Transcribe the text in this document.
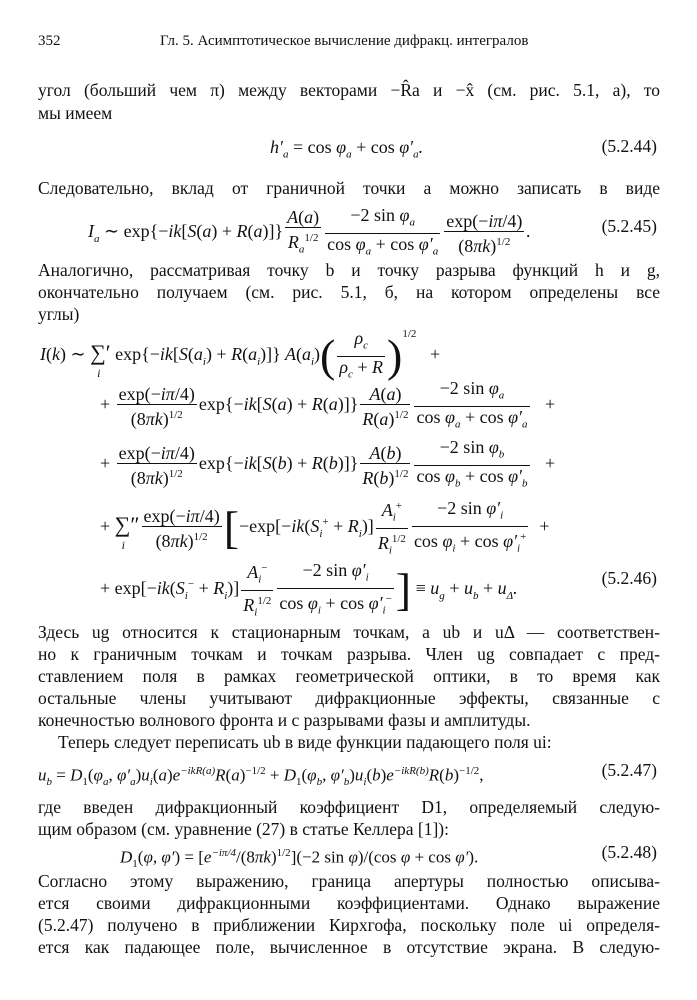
352	Гл. 5. Асимптотическое вычисление дифракц. интегралов
угол (больший чем π) между векторами −R̂a и −x̂ (см. рис. 5.1, a), то
мы имеем
$h'_a = \cos \varphi_a + \cos \varphi'_a$.	(5.2.44)
Следовательно, вклад от граничной точки a можно записать в виде
$I_a$ ∼ $\exp\{-ik[S(a) + R(a)]\} \frac{A(a)}{R_a^{1/2}} \frac{-2 \sin \varphi_a}{\cos \varphi_a + \cos \varphi'_a} \frac{\exp(-i\pi/4)}{(8\pi k)^{1/2}}$ .	(5.2.45)
Аналогично, рассматривая точку b и точку разрыва функций h и g,
окончательно получаем (см. рис. 5.1, б, на котором определены все
углы)
I(k) ∼ ∑′
i
$\exp\{-ik[S(a_i) + R(a_i)]\}$ $A(a_i)( \frac{\rho_c}{\rho_c + R} )^{1/2}$   +
+ $\frac{\exp(-i\pi/4)}{(8\pi k)^{1/2}} \exp\{-ik[S(a) + R(a)]\} \frac{A(a)}{R(a)^{1/2}} \frac{-2 \sin \varphi_a}{\cos \varphi_a + \cos \varphi'_a}$ +
+ $\frac{\exp(-i\pi/4)}{(8\pi k)^{1/2}} \exp\{-ik[S(b) + R(b)]\} \frac{A(b)}{R(b)^{1/2}} \frac{-2 \sin \varphi_b}{\cos \varphi_b + \cos \varphi'_b}$ +
+ ∑″
i $\frac{\exp(-i\pi/4)}{(8\pi k)^{1/2}} [-\exp[-ik(S_i^+ + R_i)] \frac{A_i^+}{R_i^{1/2}} \frac{-2 \sin \varphi'_i}{\cos \varphi_i + \cos \varphi'_i^+}$ +
+ $\exp[-ik(S_i^- + R_i)] \frac{A_i^-}{R_i^{1/2}} \frac{-2 \sin \varphi'_i}{\cos \varphi_i + \cos \varphi'_i^-}$ ] ≡ $u_g + u_b + u_\Delta$.
(5.2.46)
Здесь ug относится к стационарным точкам, a ub и uΔ — соответствен-
но к граничным точкам и точкам разрыва. Член ug совпадает с пред-
ставлением поля в рамках геометрической оптики, в то время как
остальные члены учитывают дифракционные эффекты, связанные с
конечностью волнового фронта и с разрывами фазы и амплитуды.
Теперь следует переписать ub в виде функции падающего поля ui:
$u_b = D_1(\varphi_a$, $\varphi'_a)u_i(a)e^{-ikR(a)}R(a)^{-1/2} + D_1(\varphi_b$, $\varphi'_b)u_i(b)e^{-ikR(b)}R(b)^{-1/2}$,	(5.2.47)
где введен дифракционный коэффициент D1, определяемый следую-
щим образом (см. уравнение (27) в статье Келлера [1]):
$D_1(\varphi$, $\varphi') = [e^{-i\pi/4}/(8\pi k)^{1/2}](-2$ sin φ)/(cos φ + cos φ′).	(5.2.48)
Согласно этому выражению, граница апертуры полностью описыва-
ется своими дифракционными коэффициентами. Однако выражение
(5.2.47) получено в приближении Кирхгофа, поскольку поле ui определя-
ется как падающее поле, вычисленное в отсутствие экрана. В следую-
